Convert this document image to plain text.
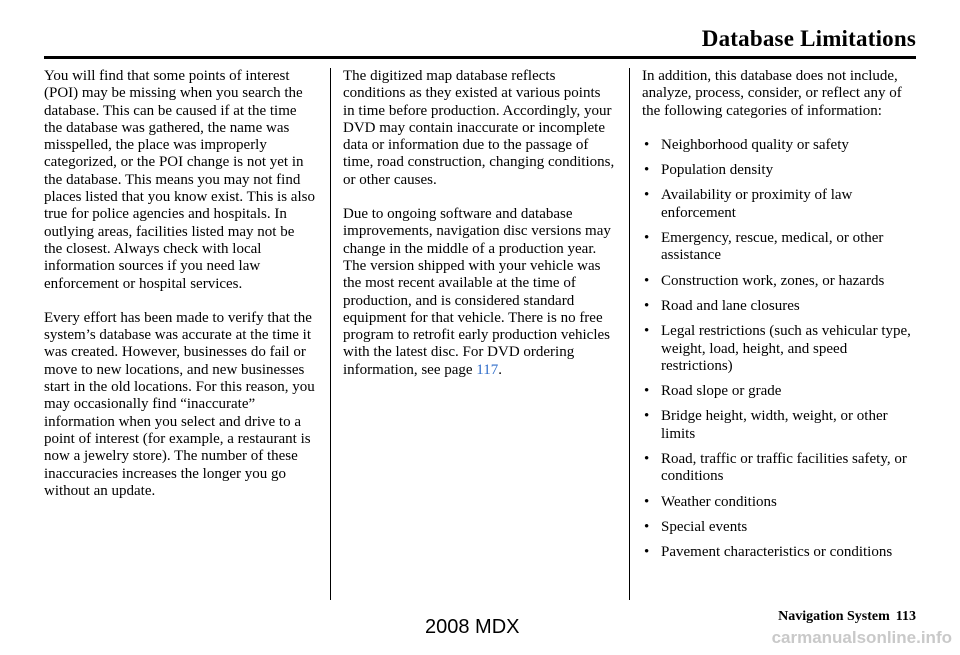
Database Limitations

You will find that some points of interest (POI) may be missing when you search the database. This can be caused if at the time the database was gathered, the name was misspelled, the place was improperly categorized, or the POI change is not yet in the database. This means you may not find places listed that you know exist. This is also true for police agencies and hospitals. In outlying areas, facilities listed may not be the closest. Always check with local information sources if you need law enforcement or hospital services.

Every effort has been made to verify that the system’s database was accurate at the time it was created. However, businesses do fail or move to new locations, and new businesses start in the old locations. For this reason, you may occasionally find “inaccurate” information when you select and drive to a point of interest (for example, a restaurant is now a jewelry store). The number of these inaccuracies increases the longer you go without an update.

The digitized map database reflects conditions as they existed at various points in time before production. Accordingly, your DVD may contain inaccurate or incomplete data or information due to the passage of time, road construction, changing conditions, or other causes.

Due to ongoing software and database improvements, navigation disc versions may change in the middle of a production year. The version shipped with your vehicle was the most recent available at the time of production, and is considered standard equipment for that vehicle. There is no free program to retrofit early production vehicles with the latest disc. For DVD ordering information, see page 117.

In addition, this database does not include, analyze, process, consider, or reflect any of the following categories of information:

• Neighborhood quality or safety
• Population density
• Availability or proximity of law enforcement
• Emergency, rescue, medical, or other assistance
• Construction work, zones, or hazards
• Road and lane closures
• Legal restrictions (such as vehicular type, weight, load, height, and speed restrictions)
• Road slope or grade
• Bridge height, width, weight, or other limits
• Road, traffic or traffic facilities safety, or conditions
• Weather conditions
• Special events
• Pavement characteristics or conditions
Navigation System 113
2008 MDX	carmanualsonline.info
